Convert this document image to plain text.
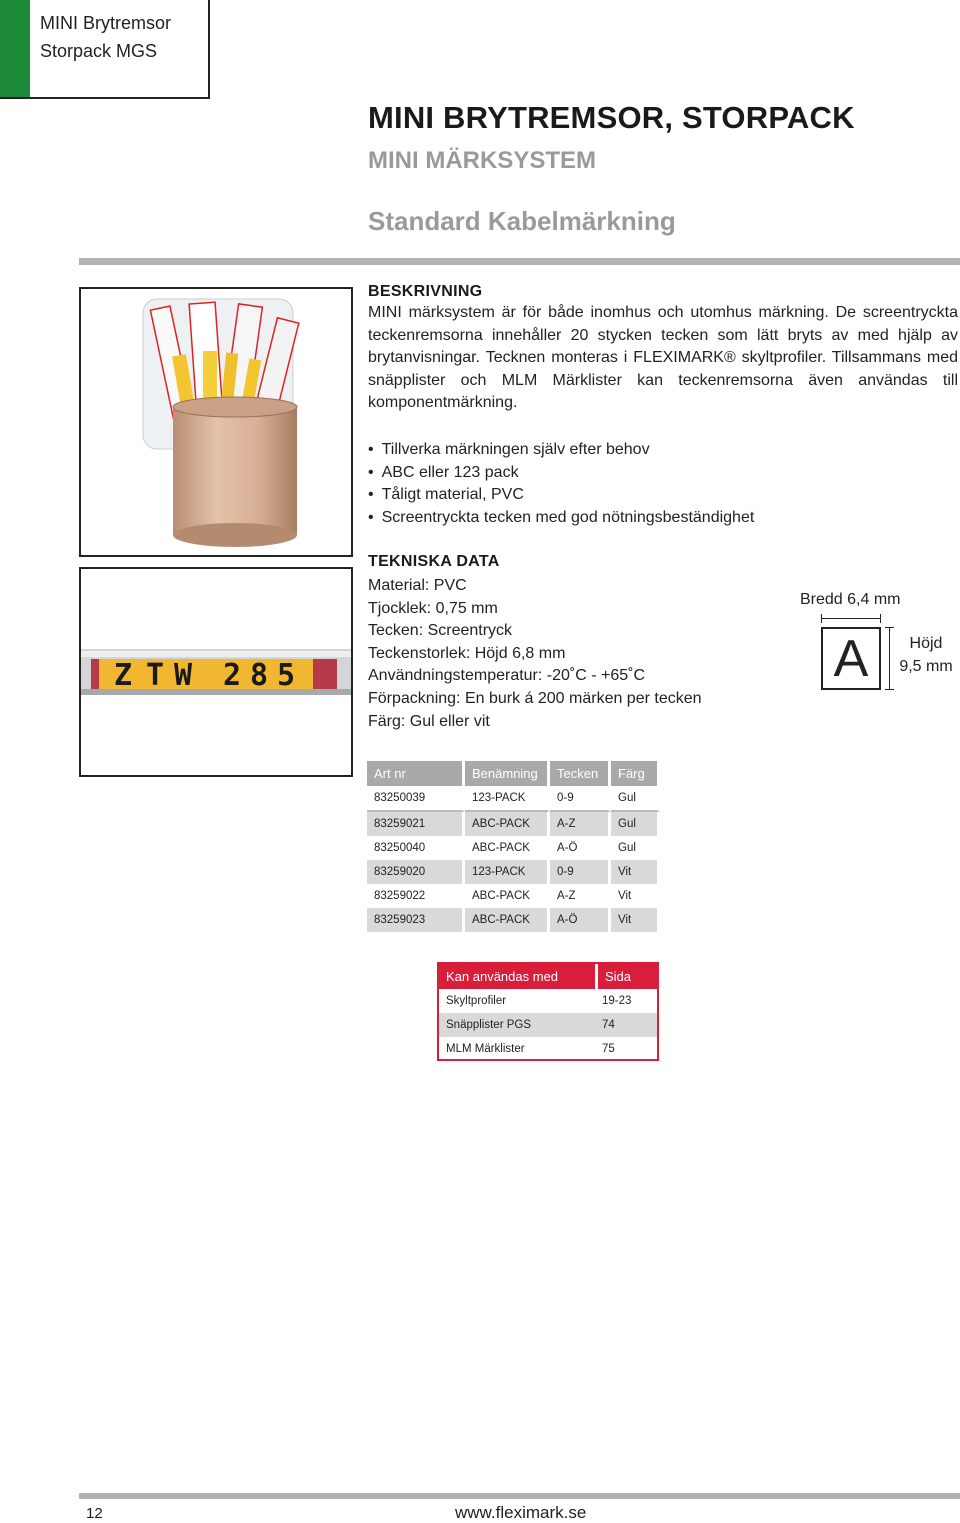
MINI Brytremsor
Storpack MGS
MINI BRYTREMSOR, STORPACK
MINI MÄRKSYSTEM
Standard Kabelmärkning
Z T W 2 8 5
BESKRIVNING

MINI märksystem är för både inomhus och utomhus märkning. De screentryckta teckenremsorna innehåller 20 stycken tecken som lätt bryts av med hjälp av brytanvisningar. Tecknen monteras i FLEXIMARK® skyltprofiler. Tillsammans med snäpplister och MLM Märklister kan teckenremsorna även användas till komponentmärkning.

• Tillverka märkningen själv efter behov
• ABC eller 123 pack
• Tåligt material, PVC
• Screentryckta tecken med god nötningsbeständighet
TEKNISKA DATA
Material: PVC
Tjocklek: 0,75 mm
Tecken: Screentryck
Teckenstorlek: Höjd 6,8 mm
Användningstemperatur: -20˚C - +65˚C
Förpackning: En burk á 200 märken per tecken
Färg: Gul eller vit
Bredd 6,4 mm
A	Höjd
9,5 mm
Art nr	Benämning	Tecken	Färg
83250039	123-PACK	0-9	Gul
83259021	ABC-PACK	A-Z	Gul
83250040	ABC-PACK	A-Ö	Gul
83259020	123-PACK	0-9	Vit
83259022	ABC-PACK	A-Z	Vit
83259023	ABC-PACK	A-Ö	Vit
Kan användas med	Sida
Skyltprofiler	19-23
Snäpplister PGS	74
MLM Märklister	75
12	www.fleximark.se
